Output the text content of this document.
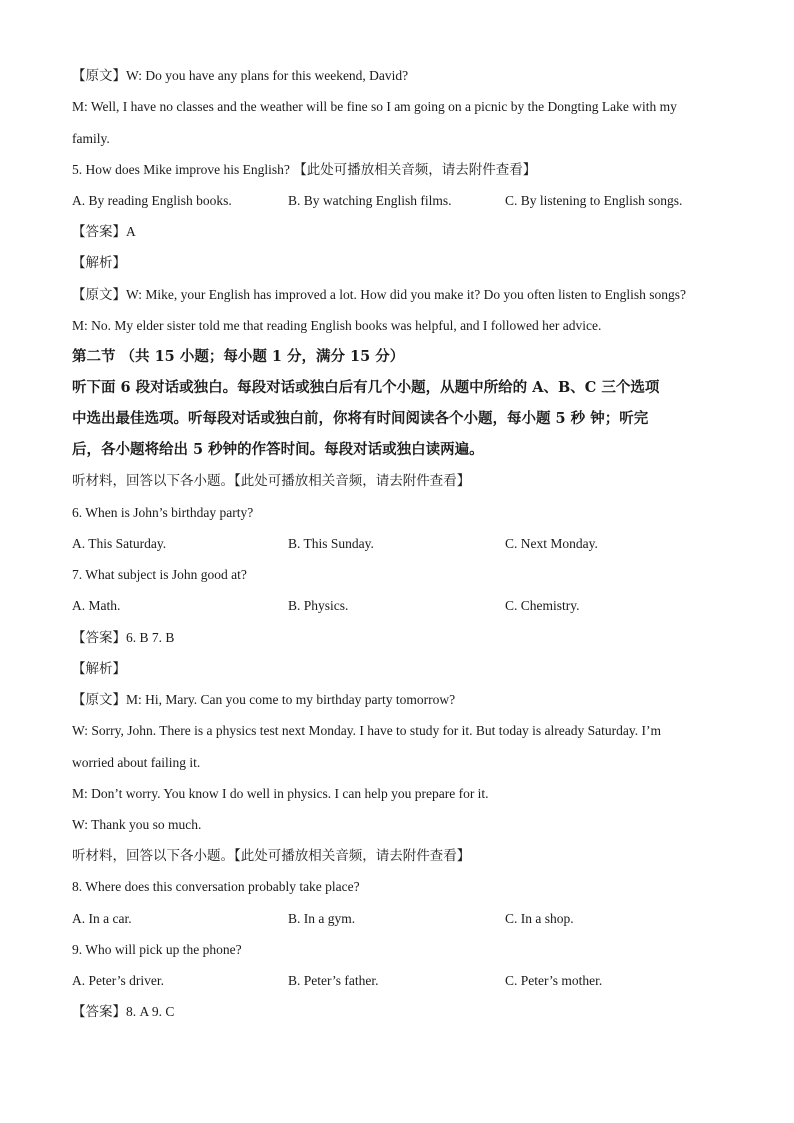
【原文】W: Do you have any plans for this weekend, David?
M: Well, I have no classes and the weather will be fine so I am going on a picnic by the Dongting Lake with my
family.
5. How does Mike improve his English? 【此处可播放相关音频，请去附件查看】
A. By reading English books.	B. By watching English films.	C. By listening to English songs.
【答案】A
【解析】
【原文】W: Mike, your English has improved a lot. How did you make it? Do you often listen to English songs?
M: No. My elder sister told me that reading English books was helpful, and I followed her advice.
第二节 （共 15 小题；每小题 1 分，满分 15 分）
听下面 6 段对话或独白。每段对话或独白后有几个小题，从题中所给的 A、B、C 三个选项
中选出最佳选项。听每段对话或独白前，你将有时间阅读各个小题，每小题 5 秒 钟；听完
后，各小题将给出 5 秒钟的作答时间。每段对话或独白读两遍。
听材料，回答以下各小题。【此处可播放相关音频，请去附件查看】
6. When is John’s birthday party?
A. This Saturday.	B. This Sunday.	C. Next Monday.
7. What subject is John good at?
A. Math.	B. Physics.	C. Chemistry.
【答案】6. B 7. B
【解析】
【原文】M: Hi, Mary. Can you come to my birthday party tomorrow?
W: Sorry, John. There is a physics test next Monday. I have to study for it. But today is already Saturday. I’m
worried about failing it.
M: Don’t worry. You know I do well in physics. I can help you prepare for it.
W: Thank you so much.
听材料，回答以下各小题。【此处可播放相关音频，请去附件查看】
8. Where does this conversation probably take place?
A. In a car.	B. In a gym.	C. In a shop.
9. Who will pick up the phone?
A. Peter’s driver.	B. Peter’s father.	C. Peter’s mother.
【答案】8. A 9. C
